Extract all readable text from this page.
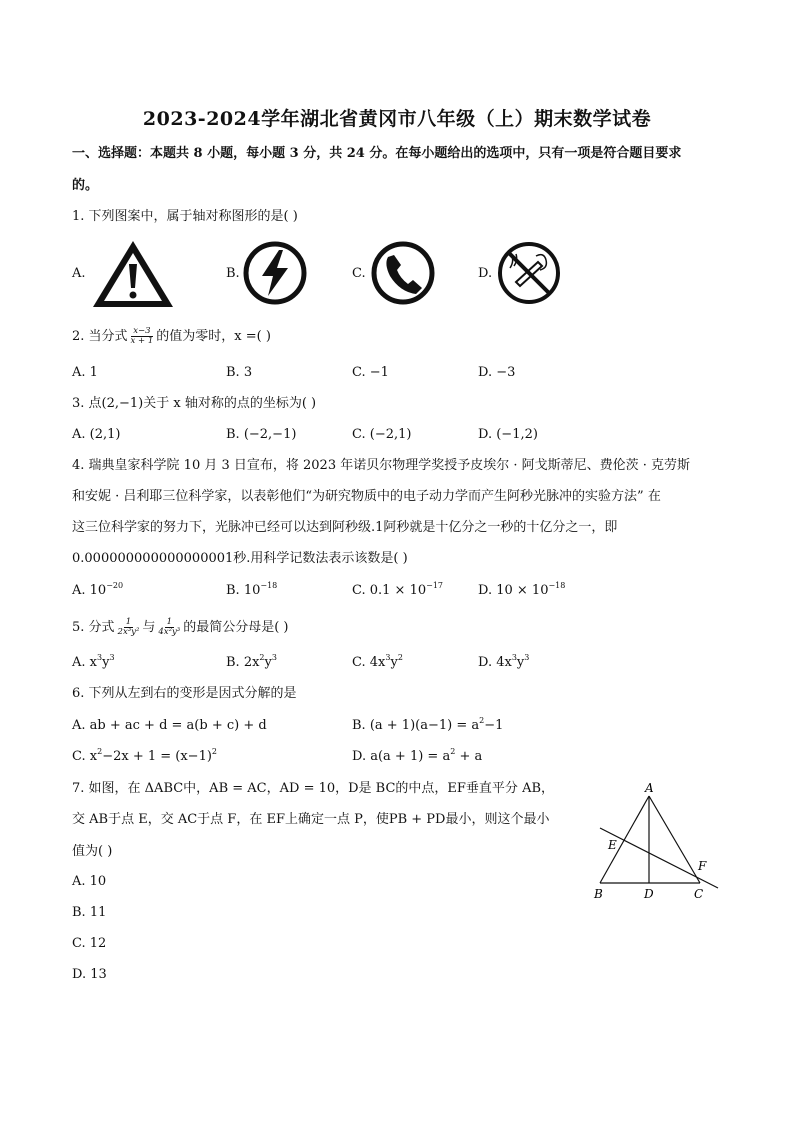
2023-2024学年湖北省黄冈市八年级（上）期末数学试卷
一、选择题：本题共 8 小题，每小题 3 分，共 24 分。在每小题给出的选项中，只有一项是符合题目要求
的。
1. 下列图案中，属于轴对称图形的是( )
A.	B.	C.	D.
2. 当分式 $\frac{x-3}{x + 1}$ 的值为零时，x =( )
A. 1	B. 3	C. −1	D. −3
3. 点(2,−1)关于 x 轴对称的点的坐标为( )
A. (2,1)	B. (−2,−1)	C. (−2,1)	D. (−1,2)
4. 瑞典皇家科学院 10 月 3 日宣布，将 2023 年诺贝尔物理学奖授予皮埃尔 · 阿戈斯蒂尼、费伦茨 · 克劳斯
和安妮 · 吕利耶三位科学家，以表彰他们“为研究物质中的电子动力学而产生阿秒光脉冲的实验方法” 在
这三位科学家的努力下，光脉冲已经可以达到阿秒级.1阿秒就是十亿分之一秒的十亿分之一，即
0.000000000000000001秒.用科学记数法表示该数是( )
A. $10^{-20}$	B. $10^{-18}$	C. $0.1 \times 10^{-17}$	D. $10 \times 10^{-18}$
5. 分式 $\frac{1}{\text{2x³y²}}$ 与 $\frac{1}{\text{4x²y³}}$ 的最简公分母是( )
A. $x^3y^3$	B. $2x^2y^3$	C. $4x^3y^2$	D. $4x^3y^3$
6. 下列从左到右的变形是因式分解的是
A. ab + ac + d = a(b + c) + d	B. $(a + 1)(a-1) = a^2-1$
C. $x^2-2x + 1 = (x-1)^2$	D. $a(a + 1) = a^2 + a$
7. 如图，在 ΔABC中，AB = AC，AD = 10，D是 BC的中点，EF垂直平分 AB，
交 AB于点 E，交 AC于点 F，在 EF上确定一点 P，使PB + PD最小，则这个最小
值为( )
A. 10
B. 11
C. 12
D. 13
A
B	C
D
E
F
